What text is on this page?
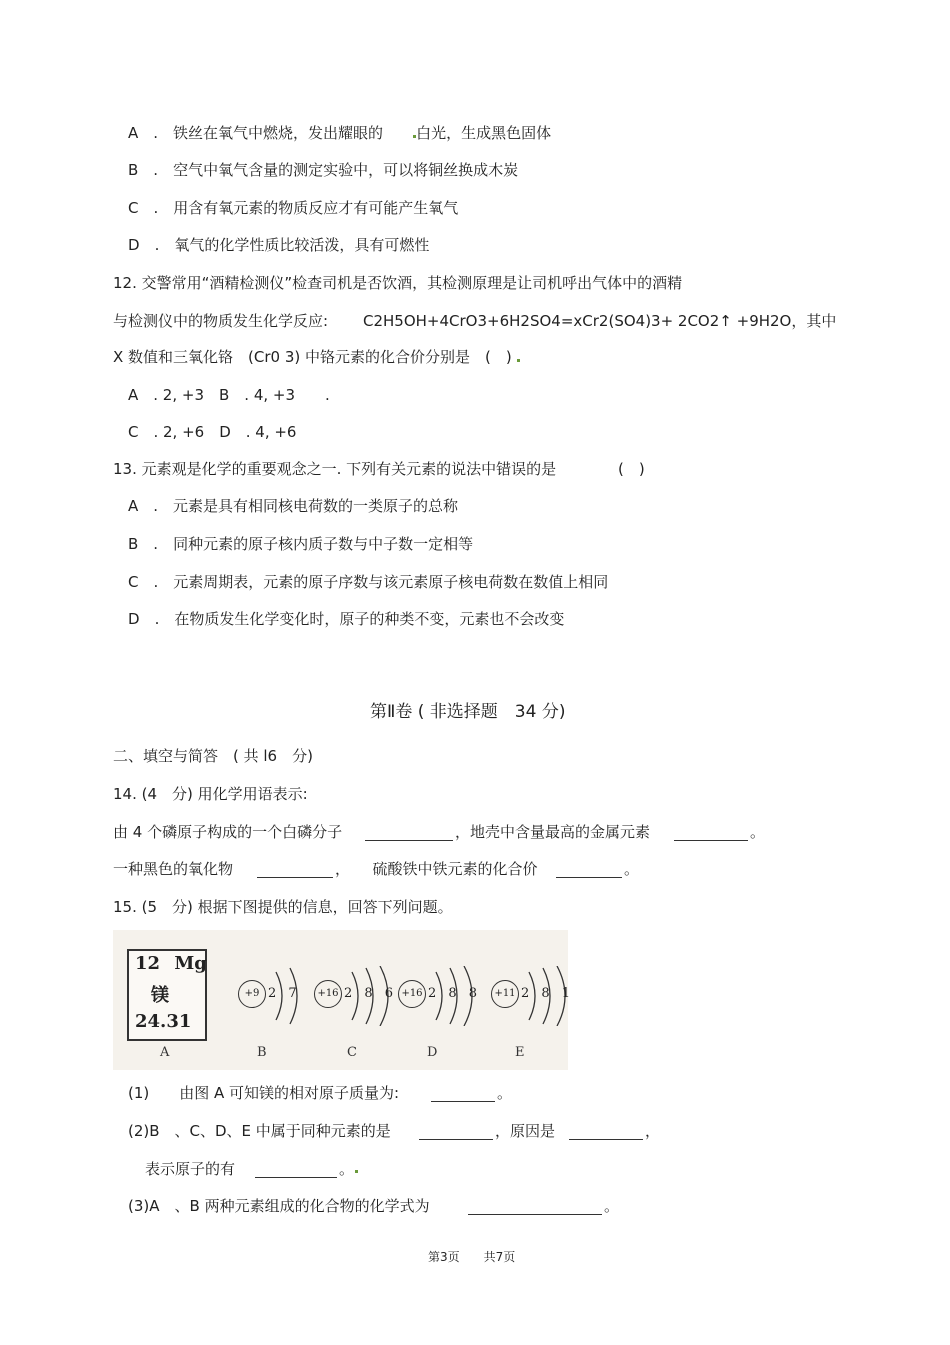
A　.　铁丝在氧气中燃烧，发出耀眼的　　 白光，生成黑色固体
B　.　空气中氧气含量的测定实验中，可以将铜丝换成木炭
C　.　用含有氧元素的物质反应才有可能产生氧气
D　.　氧气的化学性质比较活泼，具有可燃性
12. 交警常用“酒精检测仪”检查司机是否饮酒，其检测原理是让司机呼出气体中的酒精
与检测仪中的物质发生化学反应: C2H5OH+4CrO3+6H2SO4=xCr2(SO4)3+ 2CO2↑ +9H2O，其中
X 数值和三氧化铬　(Cr0 3) 中铬元素的化合价分别是　(　)
A　. 2, +3　B　. 4, +3　　.
C　. 2, +6　D　. 4, +6
13. 元素观是化学的重要观念之一. 下列有关元素的说法中错误的是	(　)
A　.　元素是具有相同核电荷数的一类原子的总称
B　.　同种元素的原子核内质子数与中子数一定相等
C　.　元素周期表，元素的原子序数与该元素原子核电荷数在数值上相同
D　.　在物质发生化学变化时，原子的种类不变，元素也不会改变
第Ⅱ卷 ( 非选择题　34 分)
二、填空与简答　( 共 l6　分)
14. (4　分) 用化学用语表示:
由 4 个磷原子构成的一个白磷分子	，地壳中含量最高的金属元素	。
一种黑色的氧化物	，　　硫酸铁中铁元素的化合价	。
15. (5　分) 根据下图提供的信息，回答下列问题。
12 Mg
镁
24.31
+9 2 7	+16 2 8 6 +16 2 8 8	+11 2 8 1
A	B	C	D	E
(1)　　由图 A 可知镁的相对原子质量为:	。
(2)B　、C、D、E 中属于同种元素的是	，原因是	，
表示原子的有	。
(3)A　、B 两种元素组成的化合物的化学式为	。
第3页　　共7页
